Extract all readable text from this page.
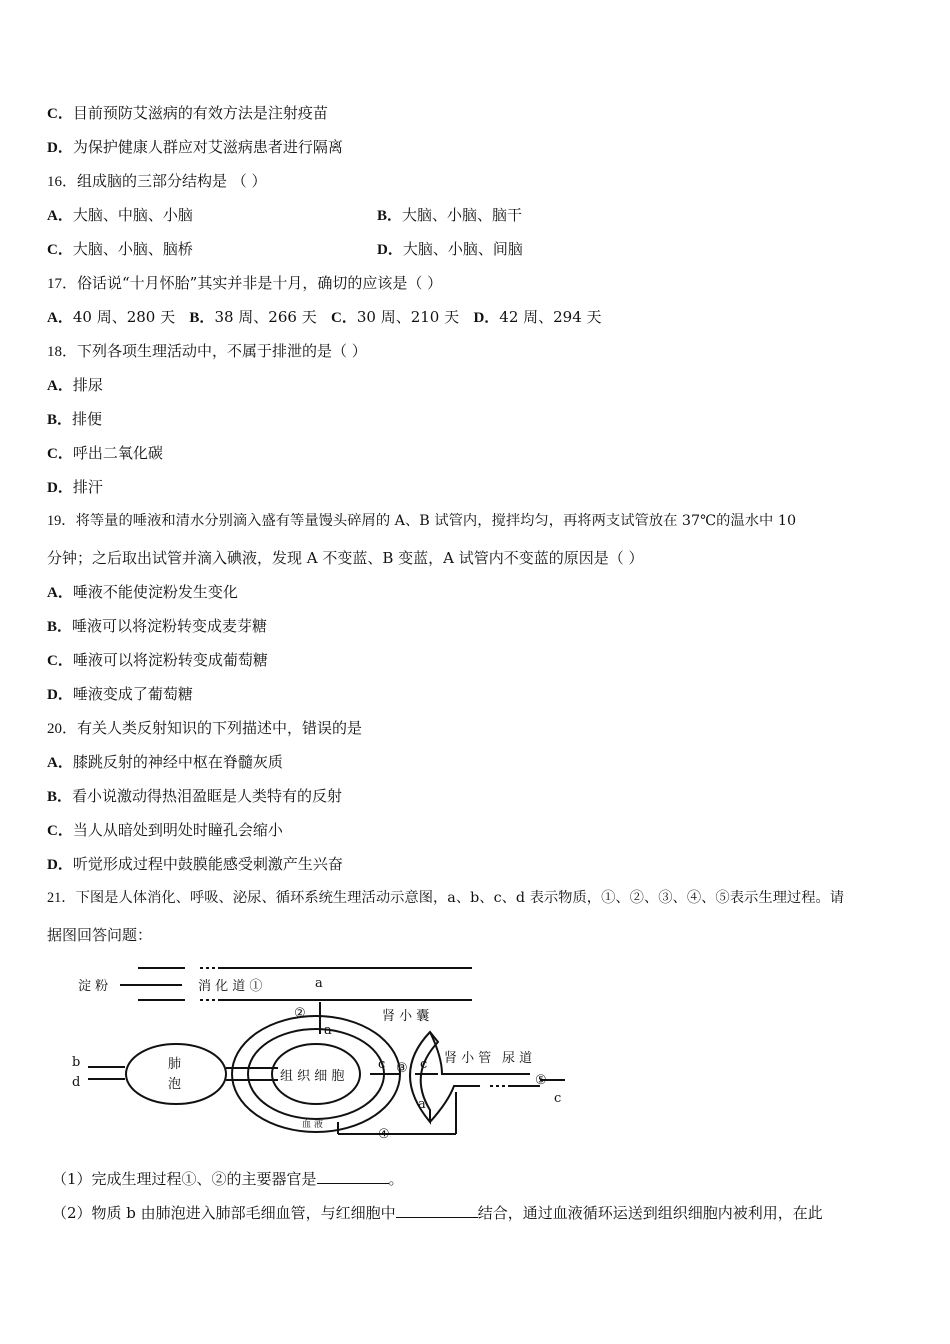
C．目前预防艾滋病的有效方法是注射疫苗
D．为保护健康人群应对艾滋病患者进行隔离
16．组成脑的三部分结构是 （ ）
A．大脑、中脑、小脑	B．大脑、小脑、脑干
C．大脑、小脑、脑桥	D．大脑、小脑、间脑
17．俗话说“十月怀胎”其实并非是十月，确切的应该是（ ）
A．40 周、280 天 B．38 周、266 天 C．30 周、210 天 D．42 周、294 天
18．下列各项生理活动中，不属于排泄的是（ ）
A．排尿
B．排便
C．呼出二氧化碳
D．排汗
19．将等量的唾液和清水分别滴入盛有等量馒头碎屑的 A、B 试管内，搅拌均匀，再将两支试管放在 37℃的温水中 10
分钟；之后取出试管并滴入碘液，发现 A 不变蓝、B 变蓝，A 试管内不变蓝的原因是（ ）
A．唾液不能使淀粉发生变化
B．唾液可以将淀粉转变成麦芽糖
C．唾液可以将淀粉转变成葡萄糖
D．唾液变成了葡萄糖
20．有关人类反射知识的下列描述中，错误的是
A．膝跳反射的神经中枢在脊髓灰质
B．看小说激动得热泪盈眶是人类特有的反射
C．当人从暗处到明处时瞳孔会缩小
D．听觉形成过程中鼓膜能感受刺激产生兴奋
21．下图是人体消化、呼吸、泌尿、循环系统生理活动示意图，a、b、c、d 表示物质，①、②、③、④、⑤表示生理过程。请
据图回答问题：
淀 粉	消 化 道 ①	a
②
a
肾 小 囊
肾 小 管 尿 道
⑤
c
b
d
肺
泡
组 织 细 胞
c ③ c
a
④
血 液
（1）完成生理过程①、②的主要器官是	。
（2）物质 b 由肺泡进入肺部毛细血管，与红细胞中	结合，通过血液循环运送到组织细胞内被利用，在此
